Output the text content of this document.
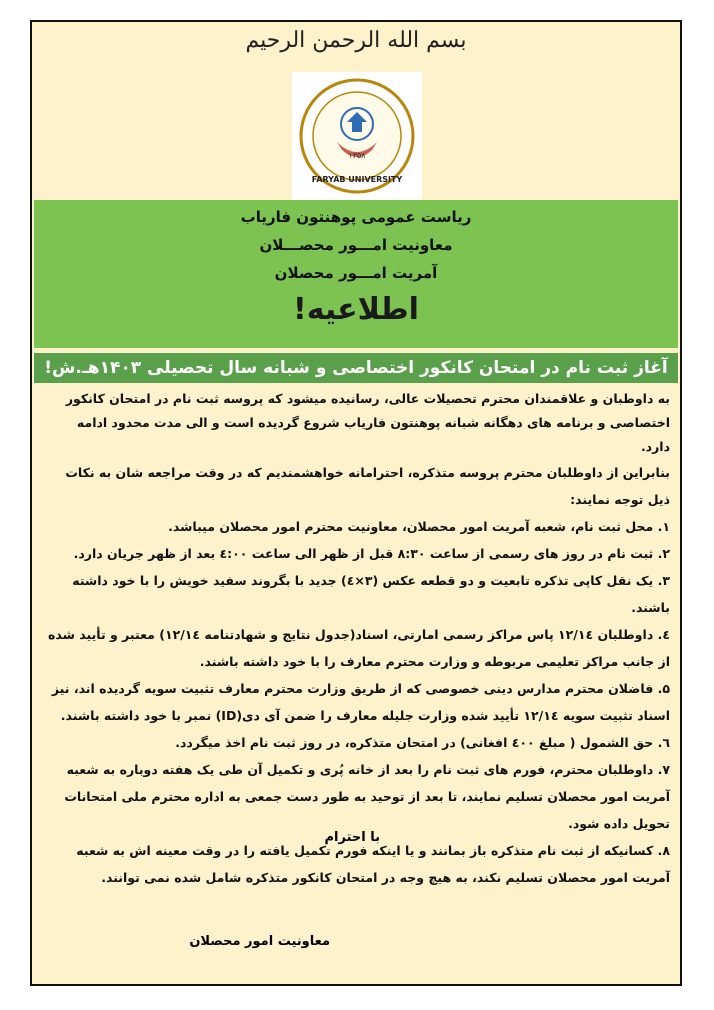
بسم الله الرحمن الرحیم
۱۳۵۸
FARYAB UNIVERSITY
ریاست عمومی پوهنتون فاریاب
معاونیت امـــور محصـــلان
آمریت امـــور محصلان
اطلاعیه!
آغاز ثبت نام در امتحان کانکور اختصاصی و شبانه سال تحصیلی ۱۴۰۳هـ.ش!

به داوطبان و علاقمندان محترم تحصیلات عالی، رسانیده میشود که پروسه ثبت نام در امتحان کانکور اختصاصی و برنامه های دهگانه شبانه پوهنتون فاریاب شروع گردیده است و الی مدت محدود ادامه دارد.

بنابراین از داوطلبان محترم پروسه متذکره، احترامانه خواهشمندیم که در وقت مراجعه شان به نکات ذیل توجه نمایند:

۱. محل ثبت نام، شعبه آمریت امور محصلان، معاونیت محترم امور محصلان میباشد.

۲. ثبت نام در روز های رسمی از ساعت ۸:۳۰ قبل از ظهر الی ساعت ٤:۰۰ بعد از ظهر جریان دارد.

۳. یک نقل کاپی تذکره تابعیت و دو قطعه عکس (۳×٤) جدید با بگروند سفید خویش را با خود داشته باشند.

٤. داوطلبان ۱۲/۱٤ پاس مراکز رسمی امارتی، اسناد(جدول نتایج و شهادتنامه ۱۲/۱٤) معتبر و تأیید شده از جانب مراکز تعلیمی مربوطه و وزارت محترم معارف را با خود داشته باشند.

۵. فاضلان محترم مدارس دینی خصوصی که از طریق وزارت محترم معارف تثبیت سویه گردیده اند، نیز اسناد تثبیت سویه ۱۲/۱٤ تأیید شده وزارت جلیله معارف را ضمن آی دی(ID) نمبر با خود داشته باشند.

٦. حق الشمول ( مبلغ ٤۰۰ افغانی) در امتحان متذکره، در روز ثبت نام اخذ میگردد.

۷. داوطلبان محترم، فورم های ثبت نام را بعد از خانه پُری و تکمیل آن طی یک هفته دوباره به شعبه آمریت امور محصلان تسلیم نمایند، تا بعد از توحید به طور دست جمعی به اداره محترم ملی امتحانات تحویل داده شود.

۸. کسانیکه از ثبت نام متذکره باز بمانند و یا اینکه فورم تکمیل یافته را در وقت معینه اش به شعبه آمریت امور محصلان تسلیم نکند، به هیچ وجه در امتحان کانکور متذکره شامل شده نمی توانند.

با احترام
معاونیت امور محصلان
